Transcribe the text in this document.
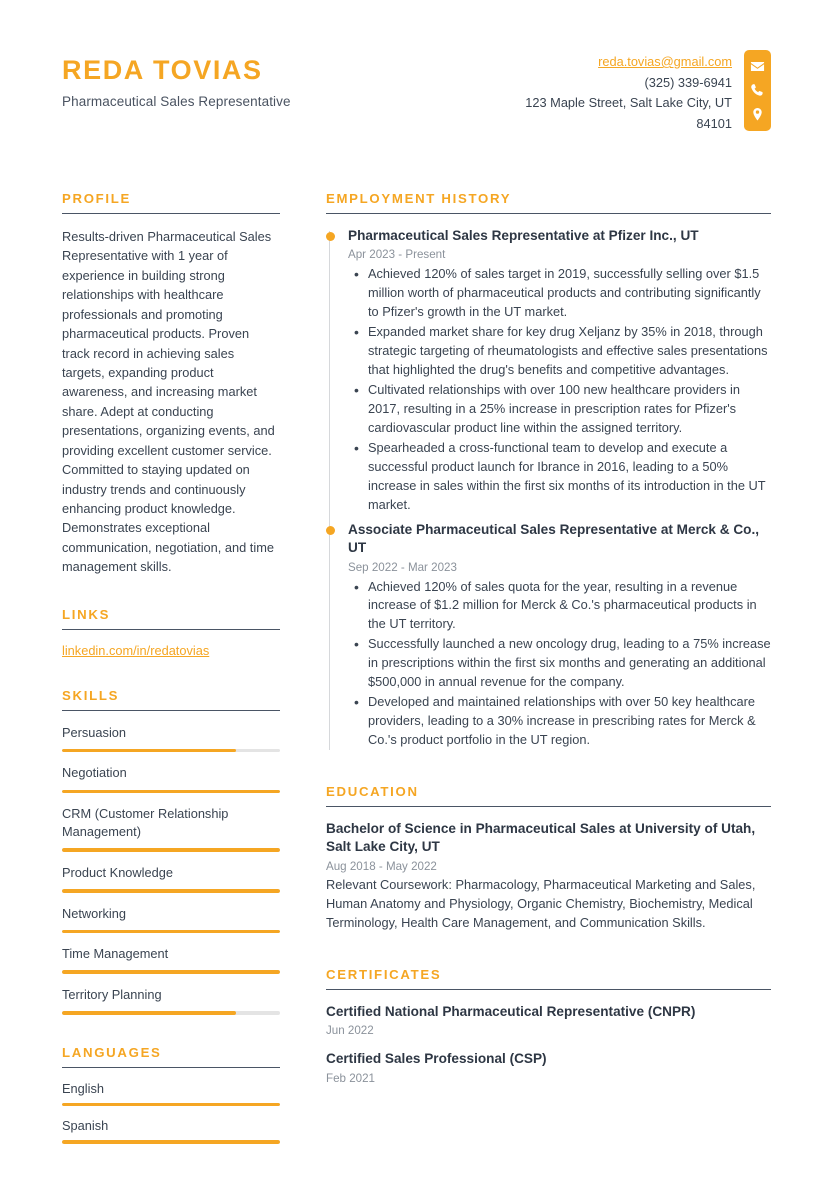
REDA TOVIAS
Pharmaceutical Sales Representative
reda.tovias@gmail.com
(325) 339-6941
123 Maple Street, Salt Lake City, UT
84101
PROFILE
Results-driven Pharmaceutical Sales Representative with 1 year of experience in building strong relationships with healthcare professionals and promoting pharmaceutical products. Proven track record in achieving sales targets, expanding product awareness, and increasing market share. Adept at conducting presentations, organizing events, and providing excellent customer service. Committed to staying updated on industry trends and continuously enhancing product knowledge. Demonstrates exceptional communication, negotiation, and time management skills.
LINKS
linkedin.com/in/redatovias
SKILLS
Persuasion
Negotiation
CRM (Customer Relationship Management)
Product Knowledge
Networking
Time Management
Territory Planning
LANGUAGES
English
Spanish
EMPLOYMENT HISTORY
Pharmaceutical Sales Representative at Pfizer Inc., UT
Apr 2023 - Present
• Achieved 120% of sales target in 2019, successfully selling over $1.5 million worth of pharmaceutical products and contributing significantly to Pfizer's growth in the UT market.
• Expanded market share for key drug Xeljanz by 35% in 2018, through strategic targeting of rheumatologists and effective sales presentations that highlighted the drug's benefits and competitive advantages.
• Cultivated relationships with over 100 new healthcare providers in 2017, resulting in a 25% increase in prescription rates for Pfizer's cardiovascular product line within the assigned territory.
• Spearheaded a cross-functional team to develop and execute a successful product launch for Ibrance in 2016, leading to a 50% increase in sales within the first six months of its introduction in the UT market.
Associate Pharmaceutical Sales Representative at Merck & Co., UT
Sep 2022 - Mar 2023
• Achieved 120% of sales quota for the year, resulting in a revenue increase of $1.2 million for Merck & Co.'s pharmaceutical products in the UT territory.
• Successfully launched a new oncology drug, leading to a 75% increase in prescriptions within the first six months and generating an additional $500,000 in annual revenue for the company.
• Developed and maintained relationships with over 50 key healthcare providers, leading to a 30% increase in prescribing rates for Merck & Co.'s product portfolio in the UT region.
EDUCATION
Bachelor of Science in Pharmaceutical Sales at University of Utah, Salt Lake City, UT
Aug 2018 - May 2022
Relevant Coursework: Pharmacology, Pharmaceutical Marketing and Sales, Human Anatomy and Physiology, Organic Chemistry, Biochemistry, Medical Terminology, Health Care Management, and Communication Skills.
CERTIFICATES
Certified National Pharmaceutical Representative (CNPR)
Jun 2022
Certified Sales Professional (CSP)
Feb 2021
